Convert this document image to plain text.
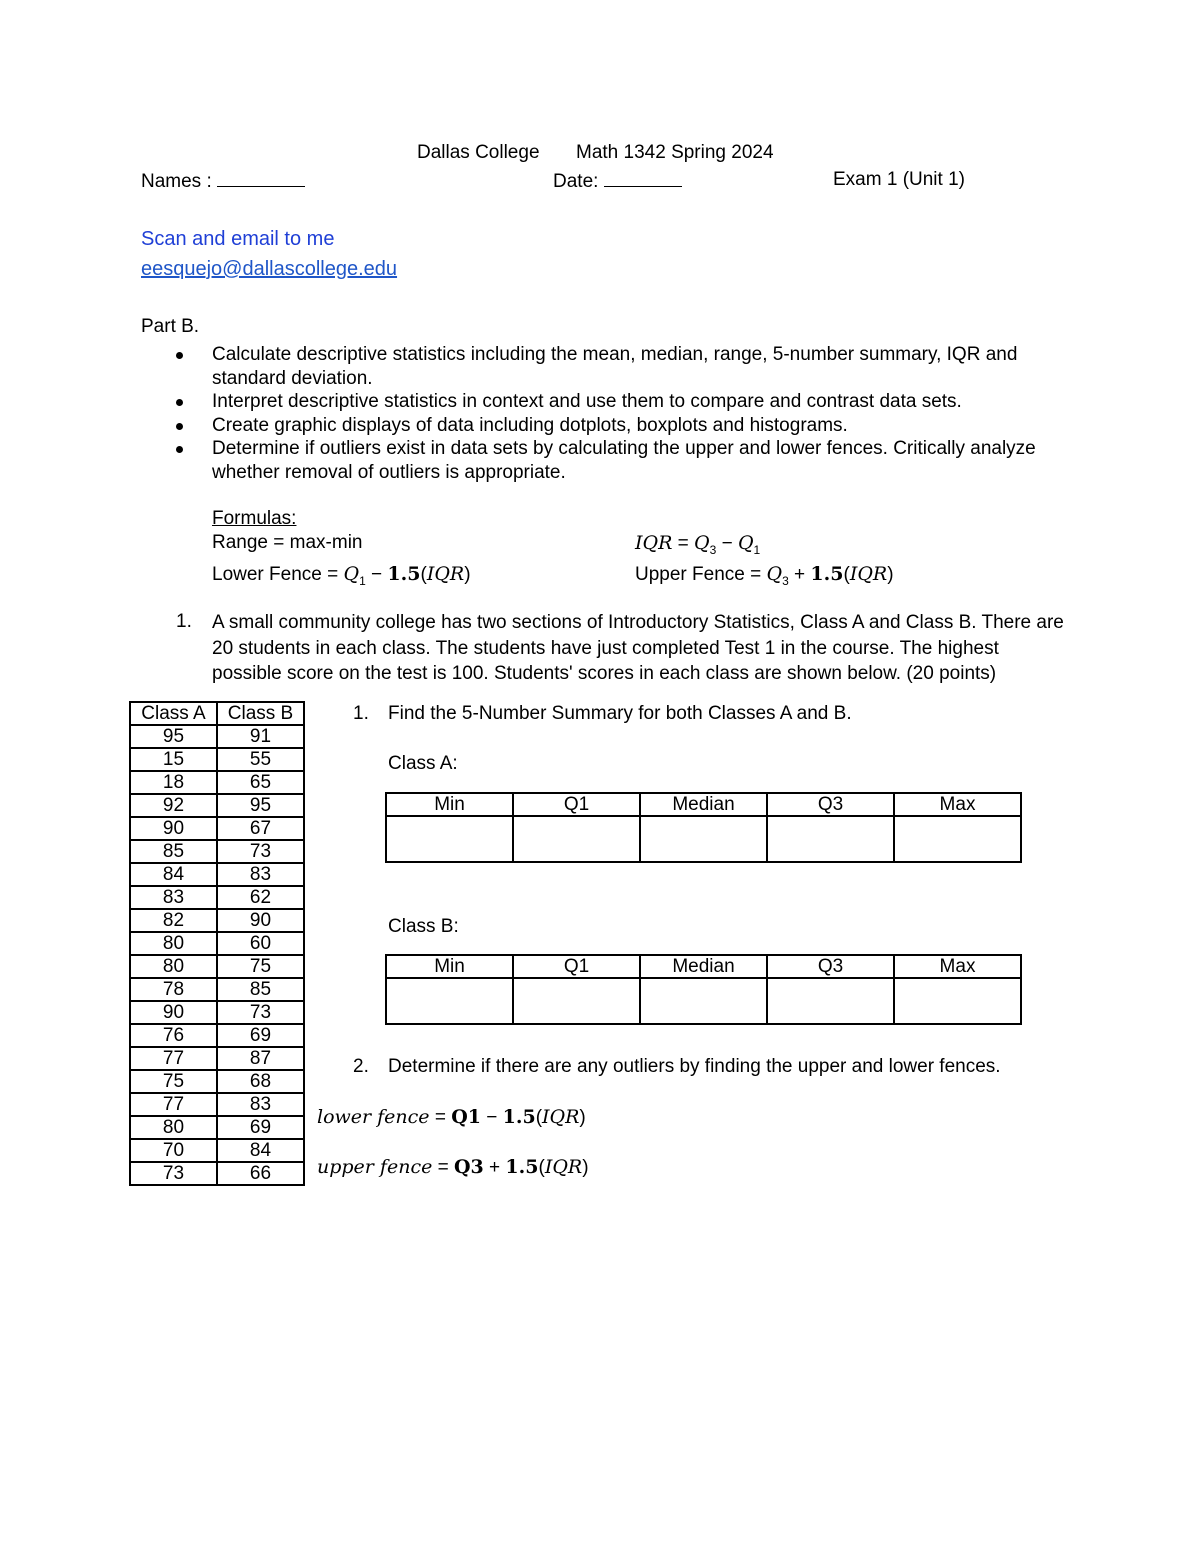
Dallas College Math 1342 Spring 2024
Names :	Date:	Exam 1 (Unit 1)
Scan and email to me
eesquejo@dallascollege.edu
Part B.
Calculate descriptive statistics including the mean, median, range, 5-number summary, IQR and standard deviation.
Interpret descriptive statistics in context and use them to compare and contrast data sets.
Create graphic displays of data including dotplots, boxplots and histograms.
Determine if outliers exist in data sets by calculating the upper and lower fences. Critically analyze whether removal of outliers is appropriate.
Formulas:
Range = max-min	IQR = $Q_3 - Q_1$
Lower Fence = $Q_1 - 1.5(IQR)$	Upper Fence = $Q_3 + 1.5(IQR)$
1. A small community college has two sections of Introductory Statistics, Class A and Class B. There are 20 students in each class. The students have just completed Test 1 in the course. The highest possible score on the test is 100. Students' scores in each class are shown below. (20 points)
Class A	Class B
95	91
15	55
18	65
92	95
90	67
85	73
84	83
83	62
82	90
80	60
80	75
78	85
90	73
76	69
77	87
75	68
77	83
80	69
70	84
73	66
1. Find the 5-Number Summary for both Classes A and B.
Class A:
Min	Q1	Median	Q3	Max

Class B:
Min	Q1	Median	Q3	Max

2. Determine if there are any outliers by finding the upper and lower fences.
lower fence = Q1 − 1.5(IQR)
upper fence = Q3 + 1.5(IQR)
